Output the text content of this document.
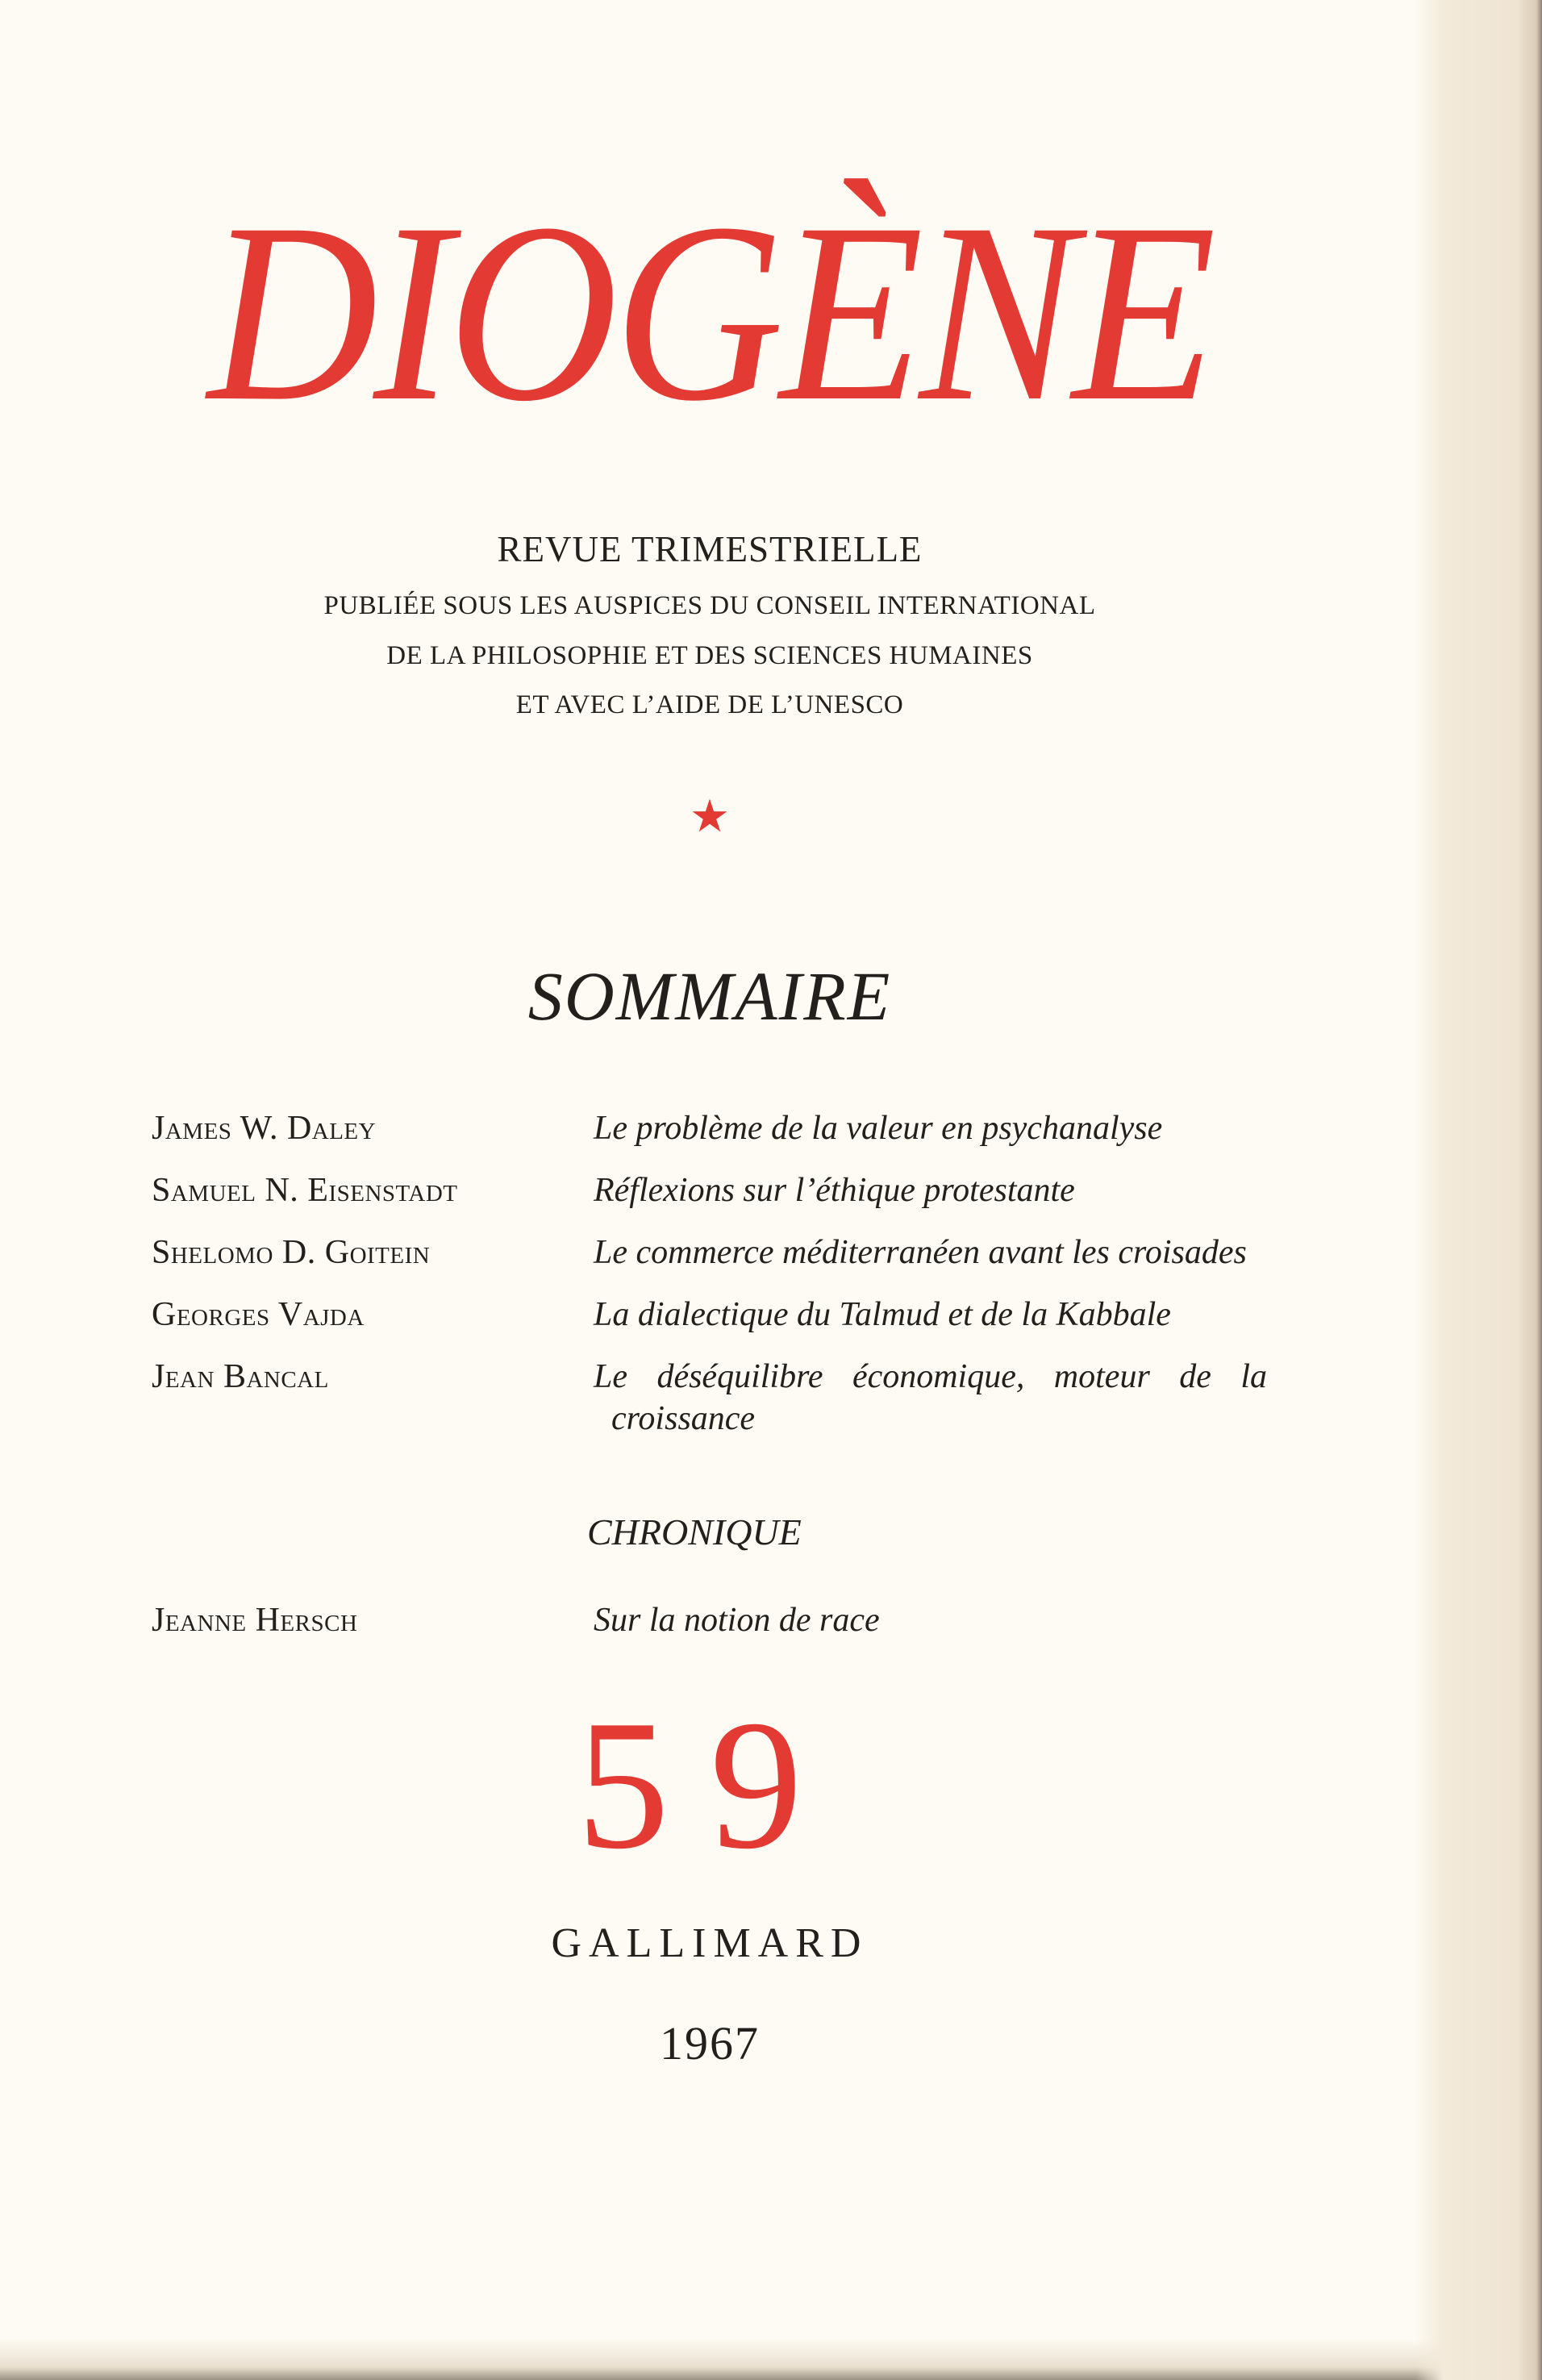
DIOGÈNE
REVUE TRIMESTRIELLE
PUBLIÉE SOUS LES AUSPICES DU CONSEIL INTERNATIONAL
DE LA PHILOSOPHIE ET DES SCIENCES HUMAINES
ET AVEC L’AIDE DE L’UNESCO
★
SOMMAIRE
James W. Daley	Le problème de la valeur en psychanalyse
Samuel N. Eisenstadt	Réflexions sur l’éthique protestante
Shelomo D. Goitein	Le commerce méditerranéen avant les croisades
Georges Vajda	La dialectique du Talmud et de la Kabbale
Jean Bancal	Le déséquilibre économique, moteur de la
croissance
CHRONIQUE
Jeanne Hersch	Sur la notion de race
59
GALLIMARD
1967
